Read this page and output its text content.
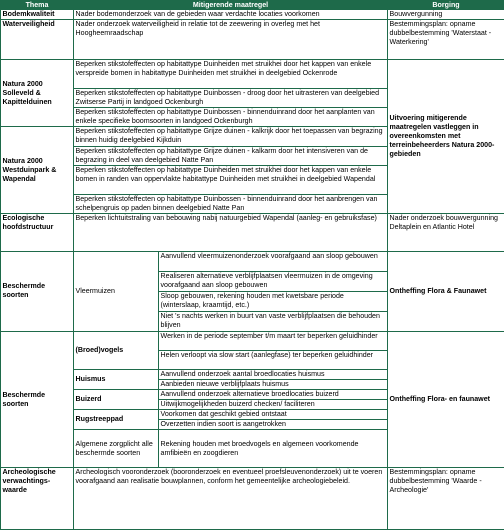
Thema	Mitigerende maatregel		Borging
Bodemkwaliteit	Nader bodemonderzoek van de gebieden waar verdachte locaties voorkomen		Bouwvergunning
Waterveiligheid	Nader onderzoek waterveiligheid in relatie tot de zeewering in overleg met het Hoogheemraadschap		Bestemmingsplan: opname dubbelbestemming 'Waterstaat - Waterkering'
Natura 2000 Solleveld & Kapittelduinen	Beperken stikstofeffecten op habitattype Duinheiden met struikhei door het kappen van enkele verspreide bomen in habitattype Duinheiden met struikhei in deelgebied Ockenrode		Uitvoering mitigerende maatregelen vastleggen in overeenkomsten met terreinbeheerders Natura 2000-gebieden
	Beperken stikstofeffecten op habitattype Duinbossen - droog door het uitrasteren van deelgebied Zwitserse Partij in landgoed Ockenburgh		
	Beperken stikstofeffecten op habitattype Duinbossen - binnenduinrand door het aanplanten van enkele specifieke boomsoorten in landgoed Ockenburgh		
Natura 2000 Westduinpark & Wapendal	Beperken stikstofeffecten op habitattype Grijze duinen - kalkrijk door het toepassen van begrazing binnen huidig deelgebied Kijkduin		
	Beperken stikstofeffecten op habitattype Grijze duinen - kalkarm door het intensiveren van de begrazing in deel van deelgebied Natte Pan		
	Beperken stikstofeffecten op habitattype Duinheiden met struikhei door het kappen van enkele bomen in randen van oppervlakte habitattype Duinheiden met struikhei in deelgebied Wapendal		
	Beperken stikstofeffecten op habitattype Duinbossen - binnenduinrand door het aanbrengen van schelpengruis op paden binnen deelgebied Natte Pan		
Ecologische hoofdstructuur	Beperken lichtuitstraling van bebouwing nabij natuurgebied Wapendal (aanleg- en gebruiksfase)		Nader onderzoek bouwvergunning Deltaplein en Atlantic Hotel
Beschermde soorten	Vleermuizen	Aanvullend vleermuizenonderzoek voorafgaand aan sloop gebouwen	Ontheffing Flora & Faunawet
		Realiseren alternatieve verblijfplaatsen vleermuizen in de omgeving voorafgaand aan sloop gebouwen	
		Sloop gebouwen, rekening houden met kwetsbare periode (winterslaap, kraamtijd, etc.)	
		Niet 's nachts werken in buurt van vaste verblijfplaatsen die behouden blijven	
Beschermde soorten	(Broed)vogels	Werken in de periode september t/m maart ter beperken geluidhinder	Ontheffing Flora- en faunawet
		Helen verloopt via slow start (aanlegfase) ter beperken geluidhinder	
	Huismus	Aanvullend onderzoek aantal broedlocaties huismus	
		Aanbieden nieuwe verblijfplaats huismus	
	Buizerd	Aanvullend onderzoek alternatieve broedlocaties buizerd	
		Uitwijkmogelijkheden buizerd checken/ faciliteren	
	Rugstreeppad	Voorkomen dat geschikt gebied ontstaat	
		Overzetten indien soort is aangetrokken	
	Algemene zorgplicht alle beschermde soorten	Rekening houden met broedvogels en algemeen voorkomende amfibieën en zoogdieren	
Archeologische verwachtings-waarde	Archeologisch vooronderzoek (booronderzoek en eventueel proefsleuvenonderzoek) uit te voeren voorafgaand aan realisatie bouwplannen, conform het gemeentelijke archeologiebeleid.		Bestemmingsplan: opname dubbelbestemming 'Waarde - Archeologie'
